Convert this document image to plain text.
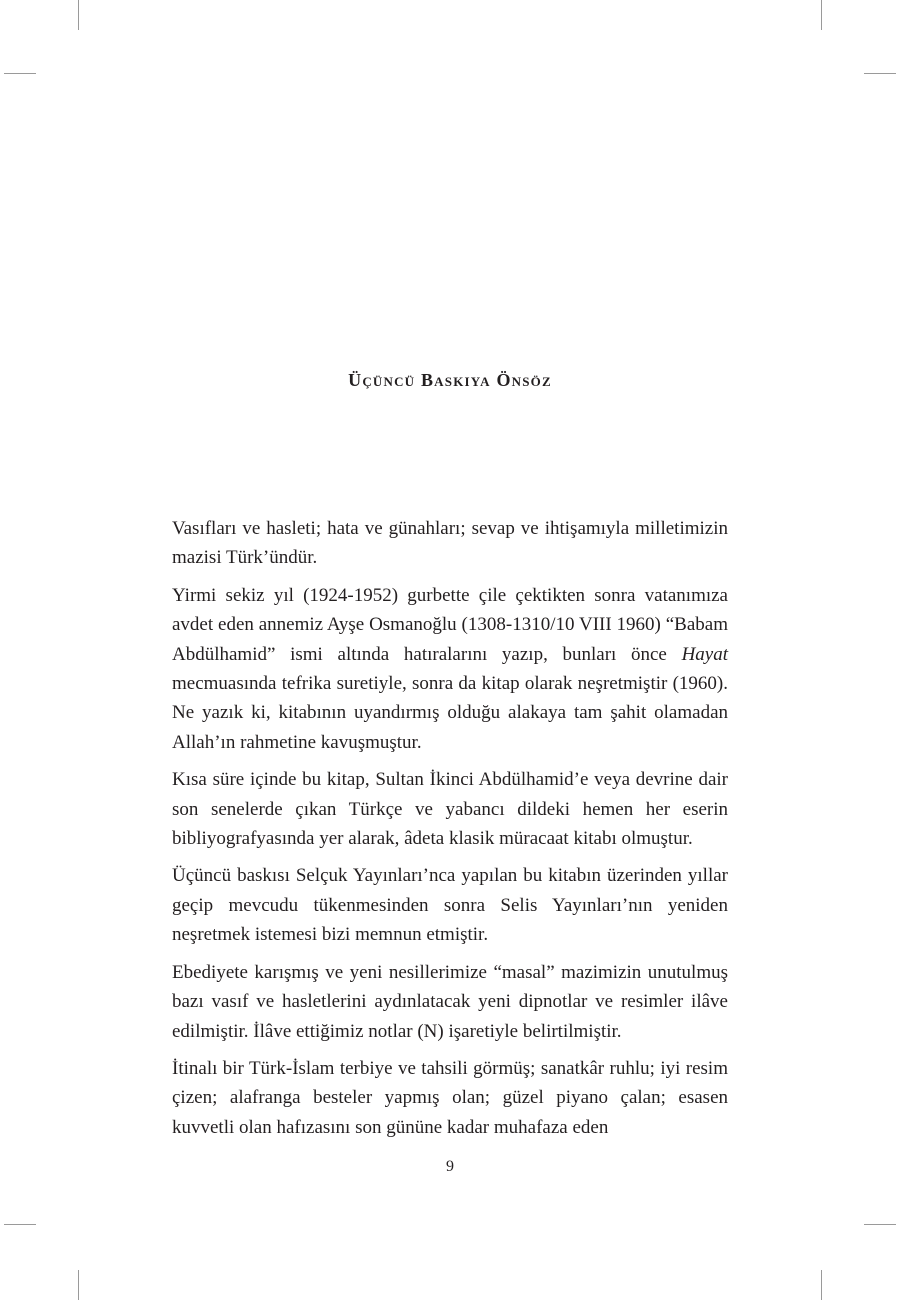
Üçüncü Baskıya Önsöz

Vasıfları ve hasleti; hata ve günahları; sevap ve ihtişamıyla milletimizin mazisi Türk’ündür.

Yirmi sekiz yıl (1924-1952) gurbette çile çektikten sonra vatanımıza avdet eden annemiz Ayşe Osmanoğlu (1308-1310/10 VIII 1960) “Babam Abdülhamid” ismi altında hatıralarını yazıp, bunları önce Hayat mecmuasında tefrika suretiyle, sonra da kitap olarak neşretmiştir (1960). Ne yazık ki, kitabının uyandırmış olduğu alakaya tam şahit olamadan Allah’ın rahmetine kavuşmuştur.

Kısa süre içinde bu kitap, Sultan İkinci Abdülhamid’e veya devrine dair son senelerde çıkan Türkçe ve yabancı dildeki hemen her eserin bibliyografyasında yer alarak, âdeta klasik müracaat kitabı olmuştur.

Üçüncü baskısı Selçuk Yayınları’nca yapılan bu kitabın üzerinden yıllar geçip mevcudu tükenmesinden sonra Selis Yayınları’nın yeniden neşretmek istemesi bizi memnun etmiştir.

Ebediyete karışmış ve yeni nesillerimize “masal” mazimizin unutulmuş bazı vasıf ve hasletlerini aydınlatacak yeni dipnotlar ve resimler ilâve edilmiştir. İlâve ettiğimiz notlar (N) işaretiyle belirtilmiştir.

İtinalı bir Türk-İslam terbiye ve tahsili görmüş; sanatkâr ruhlu; iyi resim çizen; alafranga besteler yapmış olan; güzel piyano çalan; esasen kuvvetli olan hafızasını son gününe kadar muhafaza eden

9
